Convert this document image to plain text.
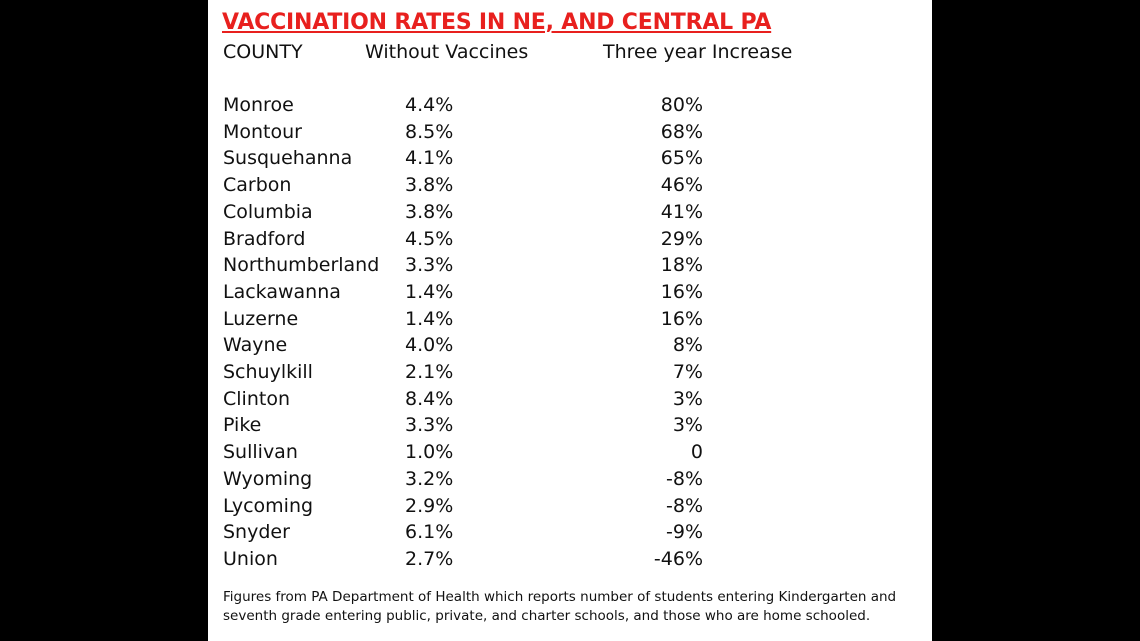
VACCINATION RATES IN NE, AND CENTRAL PA
COUNTY	Without Vaccines	Three year Increase
Monroe	4.4%	80%
Montour	8.5%	68%
Susquehanna	4.1%	65%
Carbon	3.8%	46%
Columbia	3.8%	41%
Bradford	4.5%	29%
Northumberland 3.3%	18%
Lackawanna	1.4%	16%
Luzerne	1.4%	16%
Wayne	4.0%	8%
Schuylkill	2.1%	7%
Clinton	8.4%	3%
Pike	3.3%	3%
Sullivan	1.0%	0
Wyoming	3.2%	-8%
Lycoming	2.9%	-8%
Snyder	6.1%	-9%
Union	2.7%	-46%
Figures from PA Department of Health which reports number of students entering Kindergarten and seventh grade entering public, private, and charter schools, and those who are home schooled.
